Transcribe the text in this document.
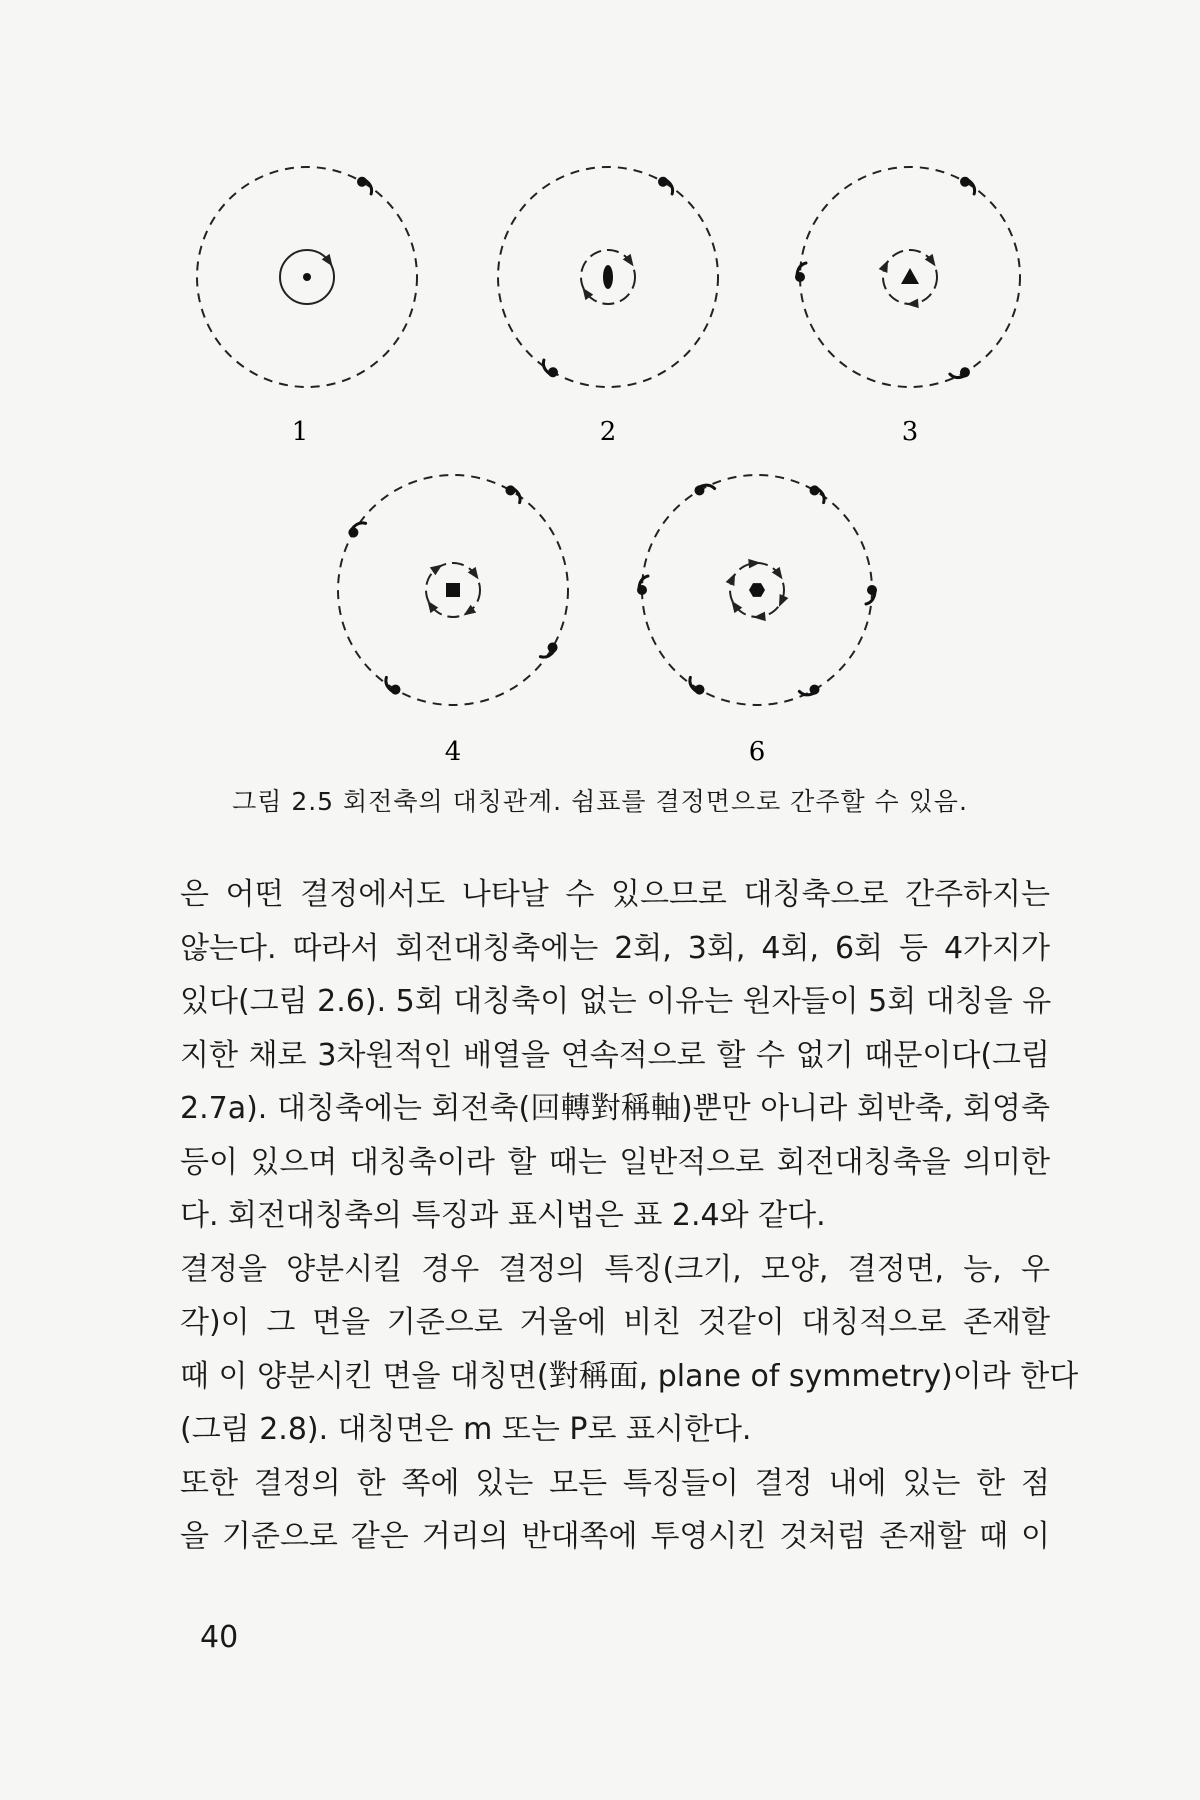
1	2	3
4	6
그림 2.5 회전축의 대칭관계. 쉼표를 결정면으로 간주할 수 있음.
은 어떤 결정에서도 나타날 수 있으므로 대칭축으로 간주하지는
않는다. 따라서 회전대칭축에는 2회, 3회, 4회, 6회 등 4가지가
있다(그림 2.6). 5회 대칭축이 없는 이유는 원자들이 5회 대칭을 유
지한 채로 3차원적인 배열을 연속적으로 할 수 없기 때문이다(그림
2.7a). 대칭축에는 회전축(回轉對稱軸)뿐만 아니라 회반축, 회영축
등이 있으며 대칭축이라 할 때는 일반적으로 회전대칭축을 의미한
다. 회전대칭축의 특징과 표시법은 표 2.4와 같다.
결정을 양분시킬 경우 결정의 특징(크기, 모양, 결정면, 능, 우
각)이 그 면을 기준으로 거울에 비친 것같이 대칭적으로 존재할
때 이 양분시킨 면을 대칭면(對稱面, plane of symmetry)이라 한다
(그림 2.8). 대칭면은 m 또는 P로 표시한다.
또한 결정의 한 쪽에 있는 모든 특징들이 결정 내에 있는 한 점
을 기준으로 같은 거리의 반대쪽에 투영시킨 것처럼 존재할 때 이
40
